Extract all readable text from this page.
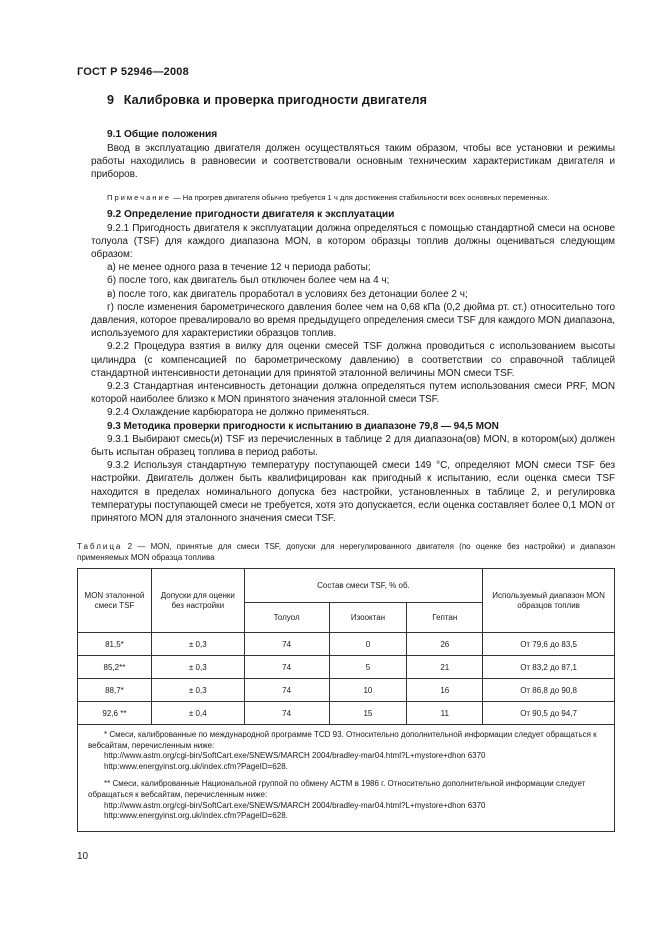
ГОСТ Р 52946—2008
9 Калибровка и проверка пригодности двигателя
9.1 Общие положения

Ввод в эксплуатацию двигателя должен осуществляться таким образом, чтобы все установки и режимы работы находились в равновесии и соответствовали основным техническим характеристикам двигателя и приборов.

Примечание — На прогрев двигателя обычно требуется 1 ч для достижения стабильности всех основных переменных.

9.2 Определение пригодности двигателя к эксплуатации

9.2.1 Пригодность двигателя к эксплуатации должна определяться с помощью стандартной смеси на основе толуола (TSF) для каждого диапазона MON, в котором образцы топлив должны оцениваться следующим образом:

а) не менее одного раза в течение 12 ч периода работы;

б) после того, как двигатель был отключен более чем на 4 ч;

в) после того, как двигатель проработал в условиях без детонации более 2 ч;

г) после изменения барометрического давления более чем на 0,68 кПа (0,2 дюйма рт. ст.) относительно того давления, которое превалировало во время предыдущего определения смеси TSF для каждого MON диапазона, используемого для характеристики образцов топлив.

9.2.2 Процедура взятия в вилку для оценки смесей TSF должна проводиться с использованием высоты цилиндра (с компенсацией по барометрическому давлению) в соответствии со справочной таблицей стандартной интенсивности детонации для принятой эталонной величины MON смеси TSF.

9.2.3 Стандартная интенсивность детонации должна определяться путем использования смеси PRF, MON которой наиболее близко к MON принятого значения эталонной смеси TSF.

9.2.4 Охлаждение карбюратора не должно применяться.

9.3 Методика проверки пригодности к испытанию в диапазоне 79,8 — 94,5 MON

9.3.1 Выбирают смесь(и) TSF из перечисленных в таблице 2 для диапазона(ов) MON, в котором(ых) должен быть испытан образец топлива в период работы.

9.3.2 Используя стандартную температуру поступающей смеси 149 °С, определяют MON смеси TSF без настройки. Двигатель должен быть квалифицирован как пригодный к испытанию, если оценка смеси TSF находится в пределах номинального допуска без настройки, установленных в таблице 2, и регулировка температуры поступающей смеси не требуется, хотя это допускается, если оценка составляет более 0,1 MON от принятого MON для эталонного значения смеси TSF.

Таблица 2 — MON, принятые для смеси TSF, допуски для нерегулированного двигателя (по оценке без настройки) и диапазон применяемых MON образца топлива
MON эталонной смеси TSF	Допуски для оценки без настройки	Состав смеси TSF, % об.			Используемый диапазон MON образцов топлив
		Толуол	Изооктан	Гептан	
81,5*	± 0,3	74	0	26	От 79,6 до 83,5
85,2**	± 0,3	74	5	21	От 83,2 до 87,1
88,7*	± 0,3	74	10	16	От 86,8 до 90,8
92,6 **	± 0,4	74	15	11	От 90,5 до 94,7

* Смеси, калиброванные по международной программе TCD 93. Относительно дополнительной информации следует обращаться к вебсайтам, перечисленным ниже:

http://www.astm.org/cgi-bin/SoftCart.exe/SNEWS/MARCH 2004/bradley-mar04.html?L+mystore+dhon 6370

http:www.energyinst.org.uk/index.cfm?PageID=628.

** Смеси, калиброванные Национальной группой по обмену АСТМ в 1986 г. Относительно дополнительной информации следует обращаться к вебсайтам, перечисленным ниже:

http://www.astm.org/cgi-bin/SoftCart.exe/SNEWS/MARCH 2004/bradley-mar04.html?L+mystore+dhon 6370

http:www.energyinst.org.uk/index.cfm?PageID=628.

10
